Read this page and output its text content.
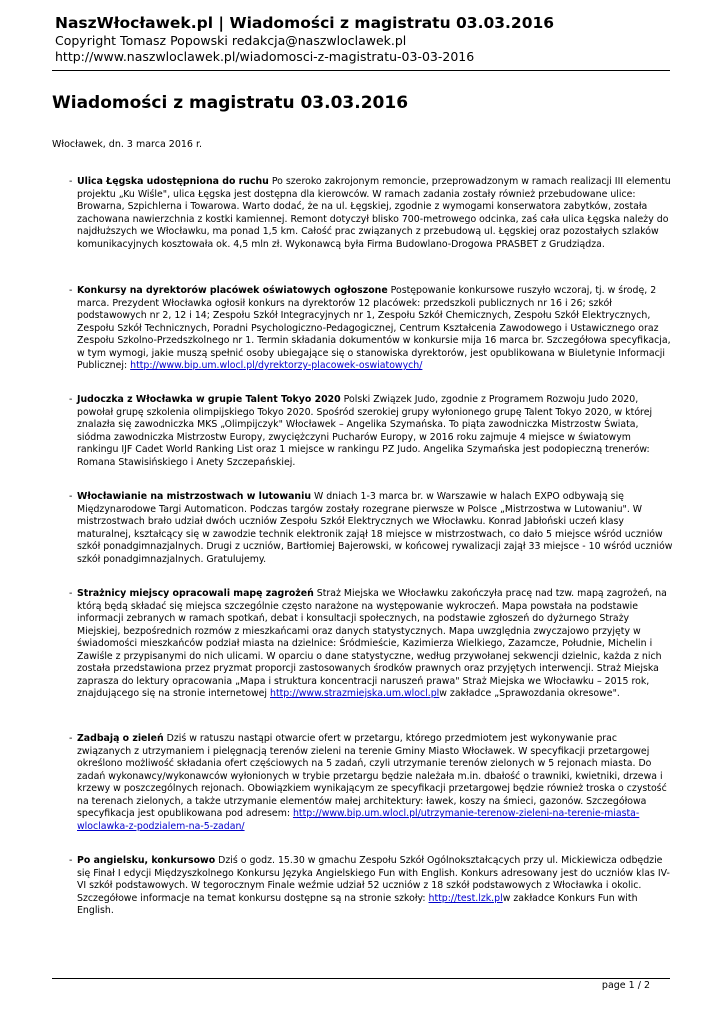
NaszWłocławek.pl | Wiadomości z magistratu 03.03.2016
Copyright Tomasz Popowski redakcja@naszwloclawek.pl
http://www.naszwloclawek.pl/wiadomosci-z-magistratu-03-03-2016
Wiadomości z magistratu 03.03.2016

Włocławek, dn. 3 marca 2016 r.

- Ulica Łęgska udostępniona do ruchu Po szeroko zakrojonym remoncie, przeprowadzonym w ramach realizacji III elementu projektu „Ku Wiśle", ulica Łęgska jest dostępna dla kierowców. W ramach zadania zostały również przebudowane ulice: Browarna, Szpichlerna i Towarowa. Warto dodać, że na ul. Łęgskiej, zgodnie z wymogami konserwatora zabytków, została zachowana nawierzchnia z kostki kamiennej. Remont dotyczył blisko 700-metrowego odcinka, zaś cała ulica Łęgska należy do najdłuższych we Włocławku, ma ponad 1,5 km. Całość prac związanych z przebudową ul. Łęgskiej oraz pozostałych szlaków komunikacyjnych kosztowała ok. 4,5 mln zł. Wykonawcą była Firma Budowlano-Drogowa PRASBET z Grudziądza.

- Konkursy na dyrektorów placówek oświatowych ogłoszone Postępowanie konkursowe ruszyło wczoraj, tj. w środę, 2 marca. Prezydent Włocławka ogłosił konkurs na dyrektorów 12 placówek: przedszkoli publicznych nr 16 i 26; szkół podstawowych nr 2, 12 i 14; Zespołu Szkół Integracyjnych nr 1, Zespołu Szkół Chemicznych, Zespołu Szkół Elektrycznych, Zespołu Szkół Technicznych, Poradni Psychologiczno-Pedagogicznej, Centrum Kształcenia Zawodowego i Ustawicznego oraz Zespołu Szkolno-Przedszkolnego nr 1. Termin składania dokumentów w konkursie mija 16 marca br. Szczegółowa specyfikacja, w tym wymogi, jakie muszą spełnić osoby ubiegające się o stanowiska dyrektorów, jest opublikowana w Biuletynie Informacji Publicznej: http://www.bip.um.wlocl.pl/dyrektorzy-placowek-oswiatowych/

- Judoczka z Włocławka w grupie Talent Tokyo 2020 Polski Związek Judo, zgodnie z Programem Rozwoju Judo 2020, powołał grupę szkolenia olimpijskiego Tokyo 2020. Spośród szerokiej grupy wyłonionego grupę Talent Tokyo 2020, w której znalazła się zawodniczka MKS „Olimpijczyk" Włocławek – Angelika Szymańska. To piąta zawodniczka Mistrzostw Świata, siódma zawodniczka Mistrzostw Europy, zwyciężczyni Pucharów Europy, w 2016 roku zajmuje 4 miejsce w światowym rankingu IJF Cadet World Ranking List oraz 1 miejsce w rankingu PZ Judo. Angelika Szymańska jest podopieczną trenerów: Romana Stawisińskiego i Anety Szczepańskiej.

- Włocławianie na mistrzostwach w lutowaniu W dniach 1-3 marca br. w Warszawie w halach EXPO odbywają się Międzynarodowe Targi Automaticon. Podczas targów zostały rozegrane pierwsze w Polsce „Mistrzostwa w Lutowaniu". W mistrzostwach brało udział dwóch uczniów Zespołu Szkół Elektrycznych we Włocławku. Konrad Jabłoński uczeń klasy maturalnej, kształcący się w zawodzie technik elektronik zajął 18 miejsce w mistrzostwach, co dało 5 miejsce wśród uczniów szkół ponadgimnazjalnych. Drugi z uczniów, Bartłomiej Bajerowski, w końcowej rywalizacji zajął 33 miejsce - 10 wśród uczniów szkół ponadgimnazjalnych. Gratulujemy.

- Strażnicy miejscy opracowali mapę zagrożeń Straż Miejska we Włocławku zakończyła pracę nad tzw. mapą zagrożeń, na którą będą składać się miejsca szczególnie często narażone na występowanie wykroczeń. Mapa powstała na podstawie informacji zebranych w ramach spotkań, debat i konsultacji społecznych, na podstawie zgłoszeń do dyżurnego Straży Miejskiej, bezpośrednich rozmów z mieszkańcami oraz danych statystycznych. Mapa uwzględnia zwyczajowo przyjęty w świadomości mieszkańców podział miasta na dzielnice: Śródmieście, Kazimierza Wielkiego, Zazamcze, Południe, Michelin i Zawiśle z przypisanymi do nich ulicami. W oparciu o dane statystyczne, według przywołanej sekwencji dzielnic, każda z nich została przedstawiona przez pryzmat proporcji zastosowanych środków prawnych oraz przyjętych interwencji. Straż Miejska zaprasza do lektury opracowania „Mapa i struktura koncentracji naruszeń prawa" Straż Miejska we Włocławku – 2015 rok, znajdującego się na stronie internetowej http://www.strazmiejska.um.wlocl.plw zakładce „Sprawozdania okresowe".

- Zadbają o zieleń Dziś w ratuszu nastąpi otwarcie ofert w przetargu, którego przedmiotem jest wykonywanie prac związanych z utrzymaniem i pielęgnacją terenów zieleni na terenie Gminy Miasto Włocławek. W specyfikacji przetargowej określono możliwość składania ofert częściowych na 5 zadań, czyli utrzymanie terenów zielonych w 5 rejonach miasta. Do zadań wykonawcy/wykonawców wyłonionych w trybie przetargu będzie należała m.in. dbałość o trawniki, kwietniki, drzewa i krzewy w poszczególnych rejonach. Obowiązkiem wynikającym ze specyfikacji przetargowej będzie również troska o czystość na terenach zielonych, a także utrzymanie elementów małej architektury: ławek, koszy na śmieci, gazonów. Szczegółowa specyfikacja jest opublikowana pod adresem: http://www.bip.um.wlocl.pl/utrzymanie-terenow-zieleni-na-terenie-miasta-wloclawka-z-podzialem-na-5-zadan/

- Po angielsku, konkursowo Dziś o godz. 15.30 w gmachu Zespołu Szkół Ogólnokształcących przy ul. Mickiewicza odbędzie się Finał I edycji Międzyszkolnego Konkursu Języka Angielskiego Fun with English. Konkurs adresowany jest do uczniów klas IV-VI szkół podstawowych. W tegorocznym Finale weźmie udział 52 uczniów z 18 szkół podstawowych z Włocławka i okolic. Szczegółowe informacje na temat konkursu dostępne są na stronie szkoły: http://test.lzk.plw zakładce Konkurs Fun with English.

page 1 / 2
